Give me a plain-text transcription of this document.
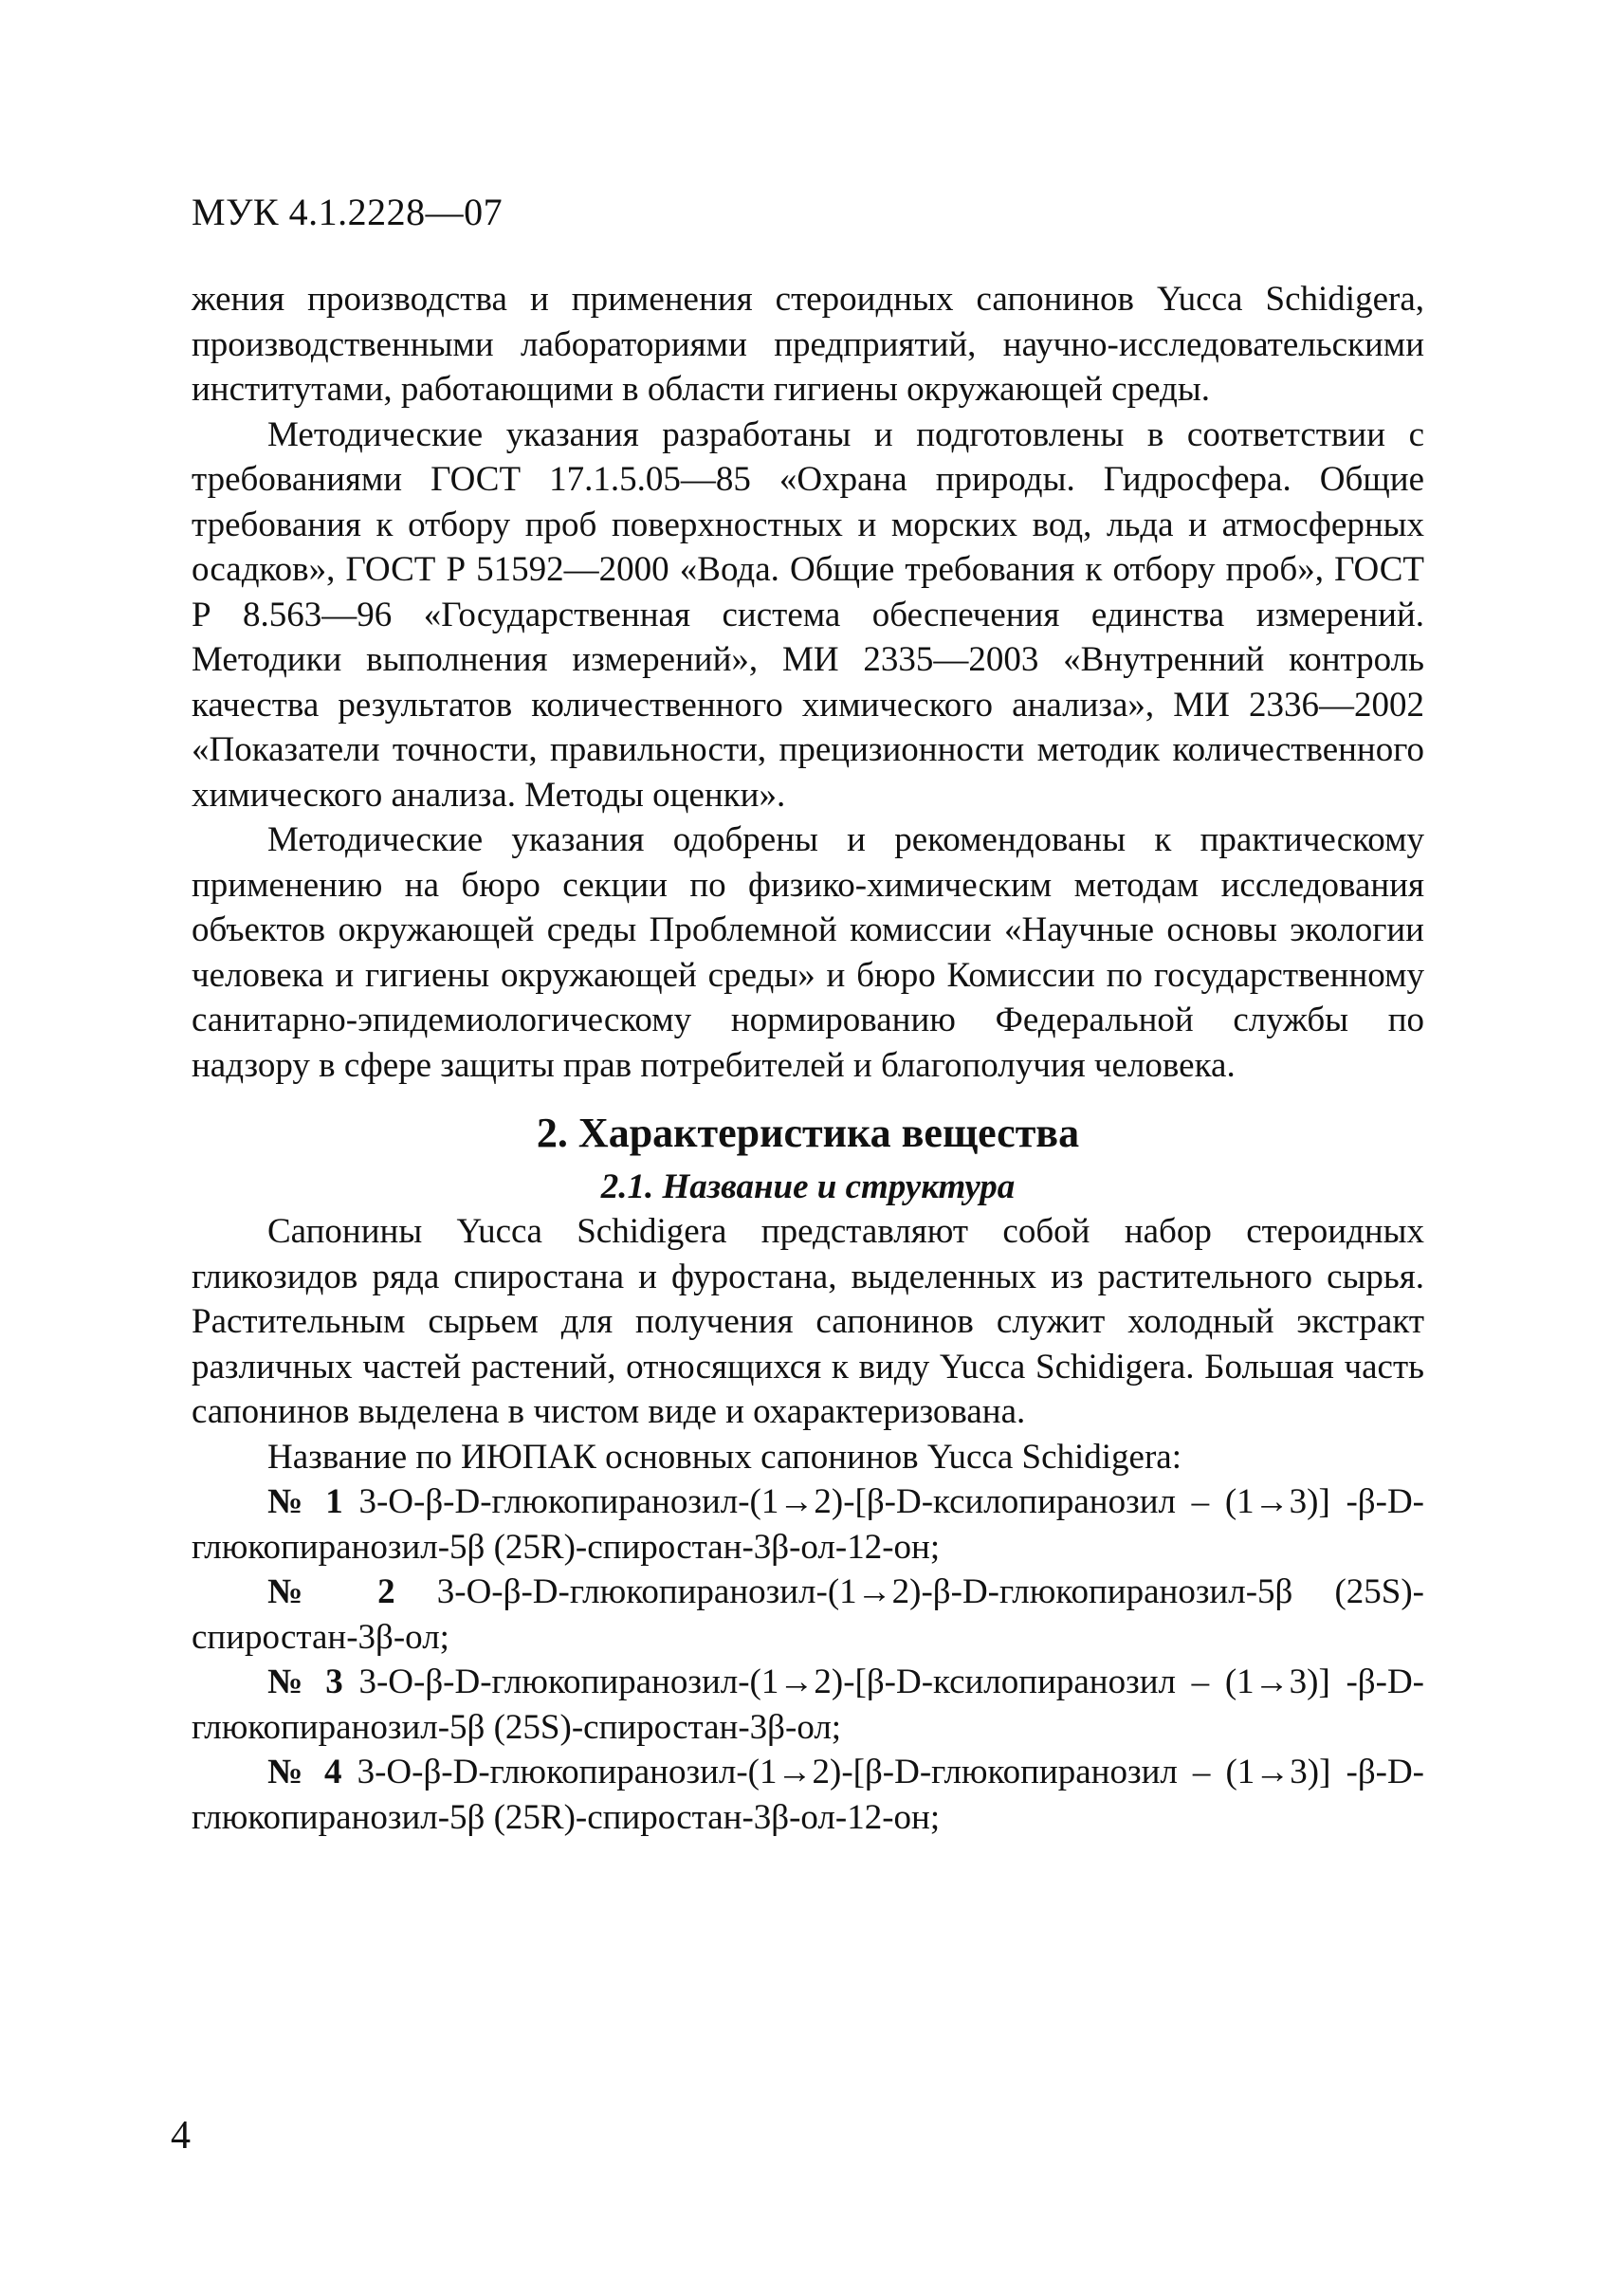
МУК 4.1.2228—07

жения производства и применения стероидных сапонинов Yucca Schidigera, производственными лабораториями предприятий, научно-исследовательскими институтами, работающими в области гигиены окружающей среды.

Методические указания разработаны и подготовлены в соответствии с требованиями ГОСТ 17.1.5.05—85 «Охрана природы. Гидросфера. Общие требования к отбору проб поверхностных и морских вод, льда и атмосферных осадков», ГОСТ Р 51592—2000 «Вода. Общие требования к отбору проб», ГОСТ Р 8.563—96 «Государственная система обеспечения единства измерений. Методики выполнения измерений», МИ 2335—2003 «Внутренний контроль качества результатов количественного химического анализа», МИ 2336—2002 «Показатели точности, правильности, прецизионности методик количественного химического анализа. Методы оценки».

Методические указания одобрены и рекомендованы к практическому применению на бюро секции по физико-химическим методам исследования объектов окружающей среды Проблемной комиссии «Научные основы экологии человека и гигиены окружающей среды» и бюро Комиссии по государственному санитарно-эпидемиологическому нормированию Федеральной службы по надзору в сфере защиты прав потребителей и благополучия человека.

2. Характеристика вещества
2.1. Название и структура

Сапонины Yucca Schidigera представляют собой набор стероидных гликозидов ряда спиростана и фуростана, выделенных из растительного сырья. Растительным сырьем для получения сапонинов служит холодный экстракт различных частей растений, относящихся к виду Yucca Schidigera. Большая часть сапонинов выделена в чистом виде и охарактеризована.

Название по ИЮПАК основных сапонинов Yucca Schidigera:

№ 1 3-O-β-D-глюкопиранозил-(1→2)-[β-D-ксилопиранозил – (1→3)] -β-D-глюкопиранозил-5β (25R)-спиростан-3β-ол-12-он;

№ 2 3-O-β-D-глюкопиранозил-(1→2)-β-D-глюкопиранозил-5β (25S)-спиростан-3β-ол;

№ 3 3-O-β-D-глюкопиранозил-(1→2)-[β-D-ксилопиранозил – (1→3)] -β-D-глюкопиранозил-5β (25S)-спиростан-3β-ол;

№ 4 3-O-β-D-глюкопиранозил-(1→2)-[β-D-глюкопиранозил – (1→3)] -β-D-глюкопиранозил-5β (25R)-спиростан-3β-ол-12-он;

4
